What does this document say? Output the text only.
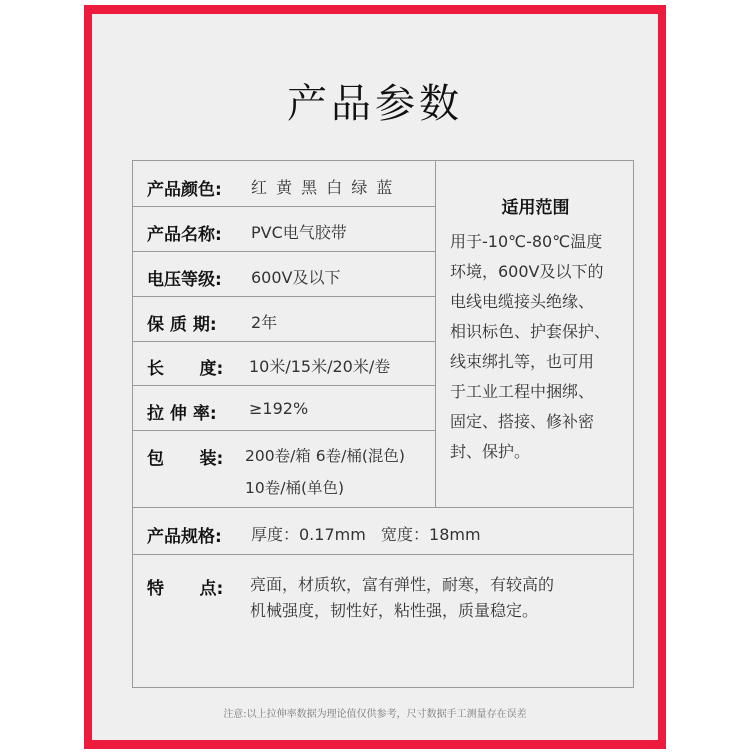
产品参数
产品颜色: 红 黄 黑 白 绿 蓝
产品名称: PVC电气胶带
电压等级: 600V及以下
保 质 期: 2年
长      度: 10米/15米/20米/卷
拉 伸 率: ≥192%
包      装: 200卷/箱 6卷/桶(混色)
10卷/桶(单色)
适用范围
用于-10℃-80℃温度
环境，600V及以下的
电线电缆接头绝缘、
相识标色、护套保护、
线束绑扎等，也可用
于工业工程中捆绑、
固定、搭接、修补密
封、保护。
产品规格: 厚度：0.17mm   宽度：18mm
特      点: 亮面，材质软，富有弹性，耐寒，有较高的
机械强度，韧性好，粘性强，质量稳定。
注意:以上拉伸率数据为理论值仅供参考，尺寸数据手工测量存在误差
